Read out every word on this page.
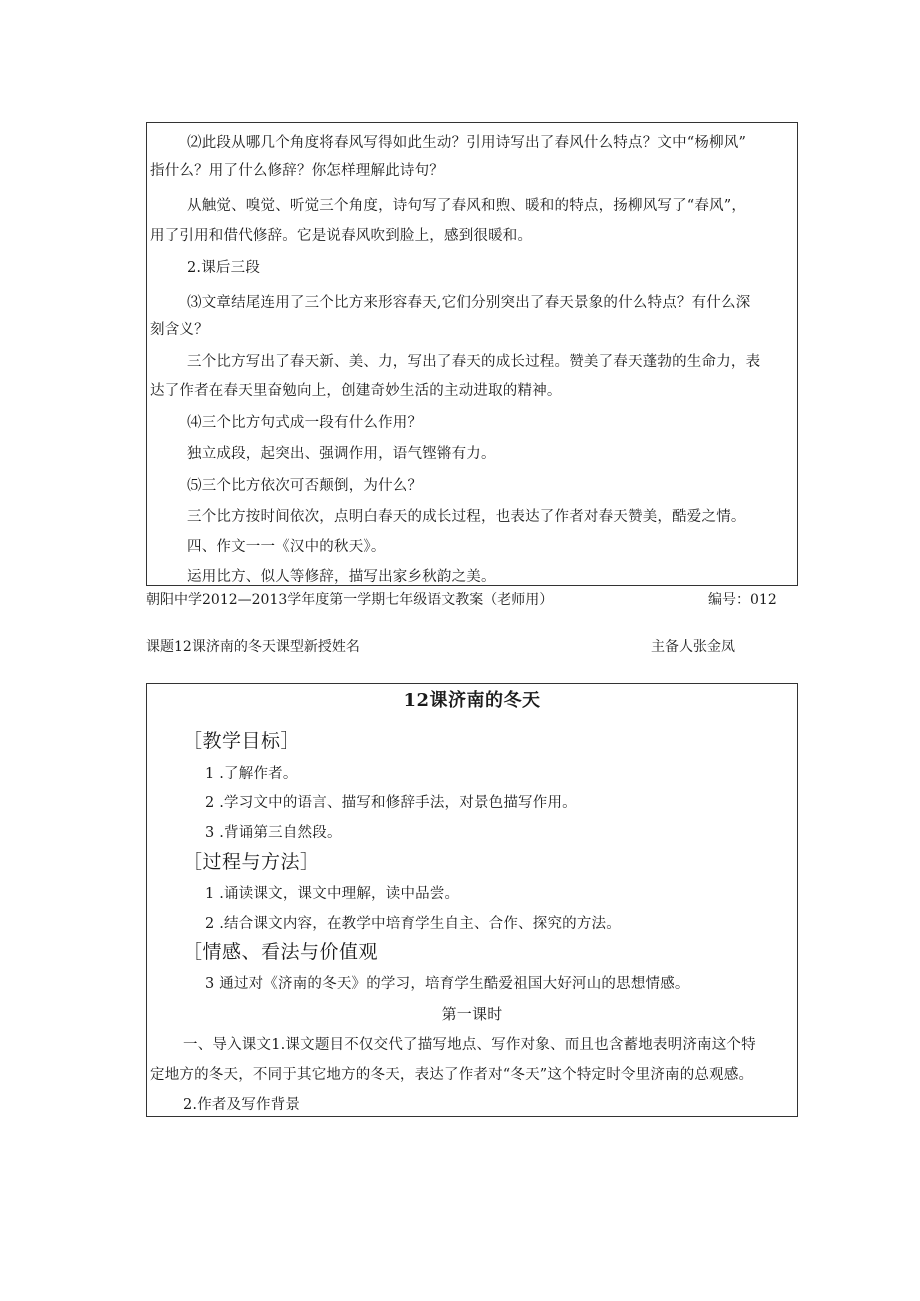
⑵此段从哪几个角度将春风写得如此生动？引用诗写出了春风什么特点？文中“杨柳风”
指什么？用了什么修辞？你怎样理解此诗句？
从触觉、嗅觉、听觉三个角度，诗句写了春风和煦、暖和的特点，扬柳风写了“春风”，
用了引用和借代修辞。它是说春风吹到脸上，感到很暖和。
2.课后三段
⑶文章结尾连用了三个比方来形容春天,它们分别突出了春天景象的什么特点？有什么深
刻含义？
三个比方写出了春天新、美、力，写出了春天的成长过程。赞美了春天蓬勃的生命力，表
达了作者在春天里奋勉向上，创建奇妙生活的主动进取的精神。
⑷三个比方句式成一段有什么作用？
独立成段，起突出、强调作用，语气铿锵有力。
⑸三个比方依次可否颠倒，为什么？
三个比方按时间依次，点明白春天的成长过程，也表达了作者对春天赞美，酷爱之情。
四、作文一一《汉中的秋天》。
运用比方、似人等修辞，描写出家乡秋韵之美。
朝阳中学2012—2013学年度第一学期七年级语文教案（老师用）	编号：012
课题12课济南的冬天课型新授姓名	主备人张金凤
12课济南的冬天
［教学目标］
1 .了解作者。
2 .学习文中的语言、描写和修辞手法，对景色描写作用。
3 .背诵第三自然段。
［过程与方法］
1 .诵读课文，课文中理解，读中品尝。
2 .结合课文内容，在教学中培育学生自主、合作、探究的方法。
［情感、看法与价值观
3 通过对《济南的冬天》的学习，培育学生酷爱祖国大好河山的思想情感。
第一课时
一、导入课文1.课文题目不仅交代了描写地点、写作对象、而且也含蓄地表明济南这个特
定地方的冬天，不同于其它地方的冬天，表达了作者对“冬天”这个特定时令里济南的总观感。
2.作者及写作背景
